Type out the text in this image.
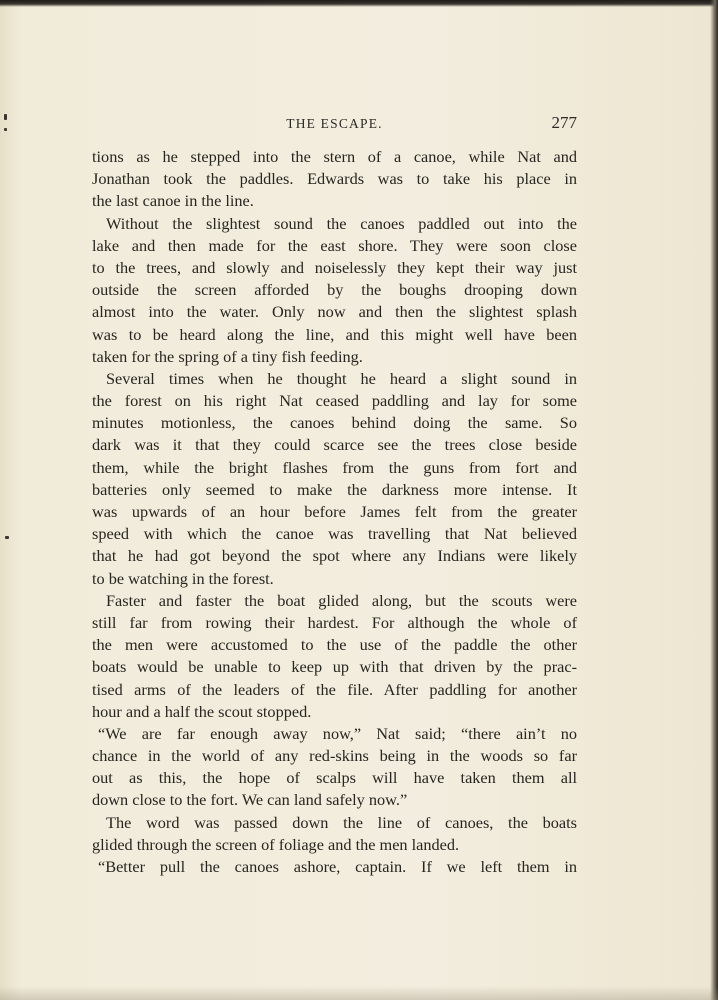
THE ESCAPE.	277
tions as he stepped into the stern of a canoe, while Nat and
Jonathan took the paddles. Edwards was to take his place in
the last canoe in the line.
Without the slightest sound the canoes paddled out into the
lake and then made for the east shore. They were soon close
to the trees, and slowly and noiselessly they kept their way just
outside the screen afforded by the boughs drooping down
almost into the water. Only now and then the slightest splash
was to be heard along the line, and this might well have been
taken for the spring of a tiny fish feeding.
Several times when he thought he heard a slight sound in
the forest on his right Nat ceased paddling and lay for some
minutes motionless, the canoes behind doing the same. So
dark was it that they could scarce see the trees close beside
them, while the bright flashes from the guns from fort and
batteries only seemed to make the darkness more intense. It
was upwards of an hour before James felt from the greater
speed with which the canoe was travelling that Nat believed
that he had got beyond the spot where any Indians were likely
to be watching in the forest.
Faster and faster the boat glided along, but the scouts were
still far from rowing their hardest. For although the whole of
the men were accustomed to the use of the paddle the other
boats would be unable to keep up with that driven by the prac-
tised arms of the leaders of the file. After paddling for another
hour and a half the scout stopped.
“We are far enough away now,” Nat said; “there ain’t no
chance in the world of any red-skins being in the woods so far
out as this, the hope of scalps will have taken them all
down close to the fort. We can land safely now.”
The word was passed down the line of canoes, the boats
glided through the screen of foliage and the men landed.
“Better pull the canoes ashore, captain. If we left them in
